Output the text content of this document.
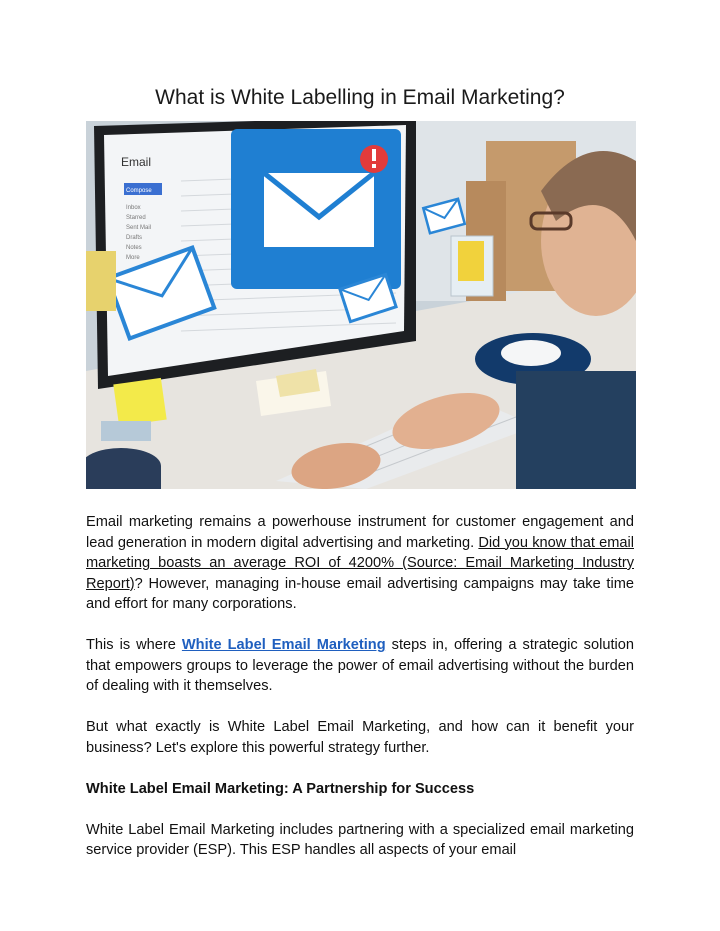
What is White Labelling in Email Marketing?
Email
Compose
Inbox
Starred
Sent Mail
Drafts
Notes
More

Email marketing remains a powerhouse instrument for customer engagement and lead generation in modern digital advertising and marketing. Did you know that email marketing boasts an average ROI of 4200% (Source: Email Marketing Industry Report)? However, managing in-house email advertising campaigns may take time and effort for many corporations.

This is where White Label Email Marketing steps in, offering a strategic solution that empowers groups to leverage the power of email advertising without the burden of dealing with it themselves.

But what exactly is White Label Email Marketing, and how can it benefit your business? Let's explore this powerful strategy further.

White Label Email Marketing: A Partnership for Success

White Label Email Marketing includes partnering with a specialized email marketing service provider (ESP). This ESP handles all aspects of your email
